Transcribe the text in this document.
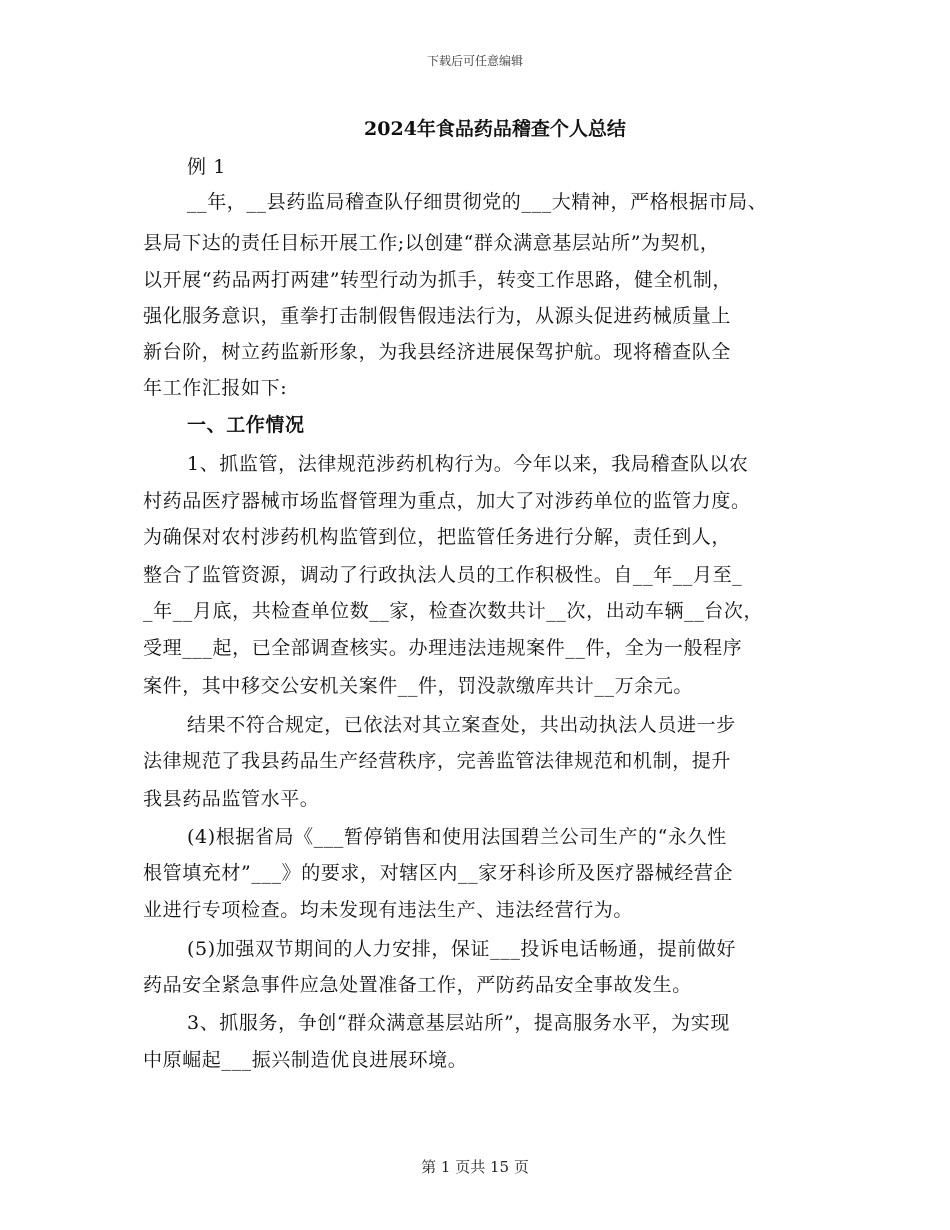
下载后可任意编辑
2024年食品药品稽查个人总结
例 1
__年，__县药监局稽查队仔细贯彻党的___大精神，严格根据市局、
县局下达的责任目标开展工作;以创建“群众满意基层站所”为契机，
以开展“药品两打两建”转型行动为抓手，转变工作思路，健全机制，
强化服务意识，重拳打击制假售假违法行为，从源头促进药械质量上
新台阶，树立药监新形象，为我县经济进展保驾护航。现将稽查队全
年工作汇报如下:
一、工作情况
1、抓监管，法律规范涉药机构行为。今年以来，我局稽查队以农
村药品医疗器械市场监督管理为重点，加大了对涉药单位的监管力度。
为确保对农村涉药机构监管到位，把监管任务进行分解，责任到人，
整合了监管资源，调动了行政执法人员的工作积极性。自__年__月至_
_年__月底，共检查单位数__家，检查次数共计__次，出动车辆__台次，
受理___起，已全部调查核实。办理违法违规案件__件，全为一般程序
案件，其中移交公安机关案件__件，罚没款缴库共计__万余元。
结果不符合规定，已依法对其立案查处，共出动执法人员进一步
法律规范了我县药品生产经营秩序，完善监管法律规范和机制，提升
我县药品监管水平。
(4)根据省局《___暂停销售和使用法国碧兰公司生产的“永久性
根管填充材”___》的要求，对辖区内__家牙科诊所及医疗器械经营企
业进行专项检查。均未发现有违法生产、违法经营行为。
(5)加强双节期间的人力安排，保证___投诉电话畅通，提前做好
药品安全紧急事件应急处置准备工作，严防药品安全事故发生。
3、抓服务，争创“群众满意基层站所”，提高服务水平，为实现
中原崛起___振兴制造优良进展环境。
第 1 页共 15 页
